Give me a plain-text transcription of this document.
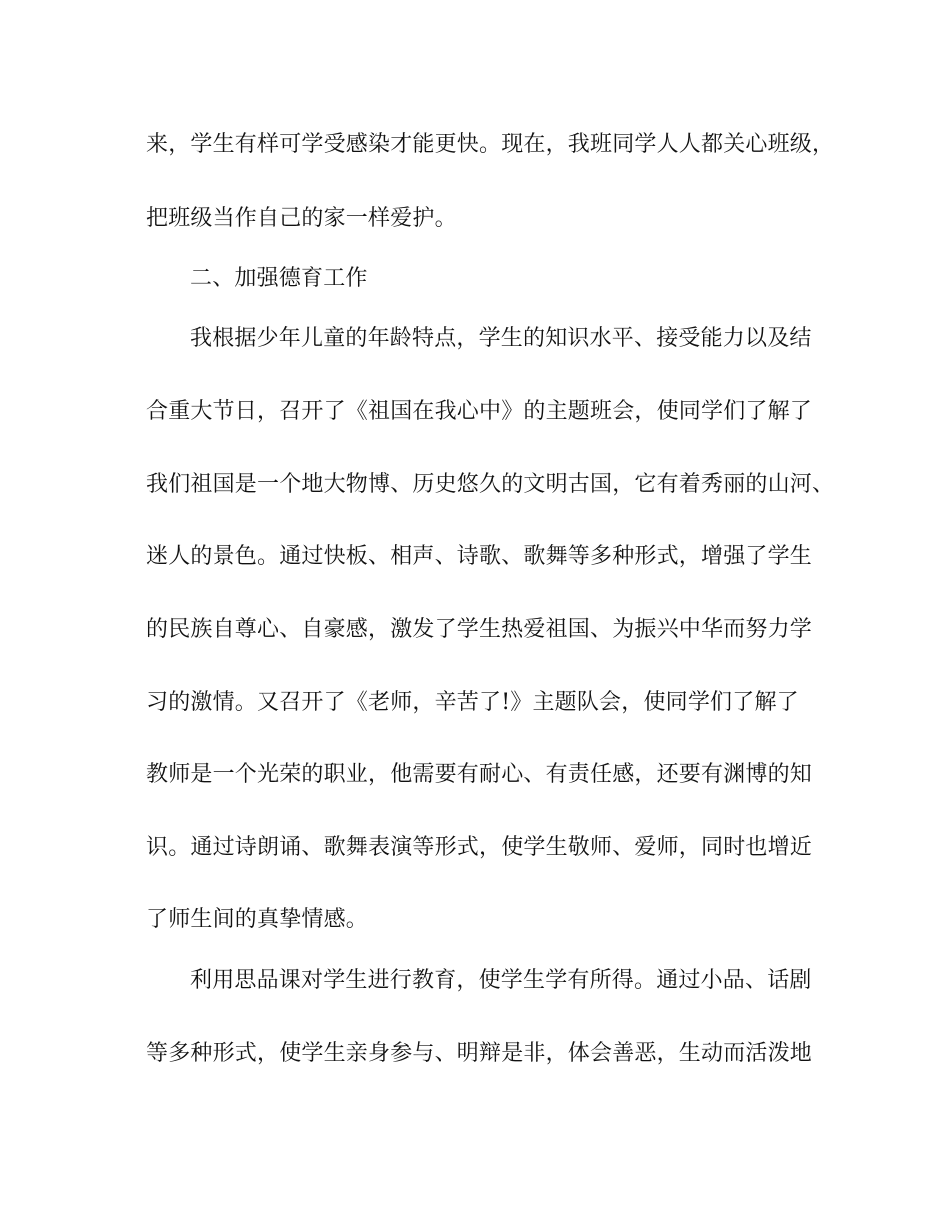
来，学生有样可学受感染才能更快。现在，我班同学人人都关心班级，
把班级当作自己的家一样爱护。
二、加强德育工作
我根据少年儿童的年龄特点，学生的知识水平、接受能力以及结
合重大节日，召开了《祖国在我心中》的主题班会，使同学们了解了
我们祖国是一个地大物博、历史悠久的文明古国，它有着秀丽的山河、
迷人的景色。通过快板、相声、诗歌、歌舞等多种形式，增强了学生
的民族自尊心、自豪感，激发了学生热爱祖国、为振兴中华而努力学
习的激情。又召开了《老师，辛苦了!》主题队会，使同学们了解了
教师是一个光荣的职业，他需要有耐心、有责任感，还要有渊博的知
识。通过诗朗诵、歌舞表演等形式，使学生敬师、爱师，同时也增近
了师生间的真挚情感。
利用思品课对学生进行教育，使学生学有所得。通过小品、话剧
等多种形式，使学生亲身参与、明辩是非，体会善恶，生动而活泼地
